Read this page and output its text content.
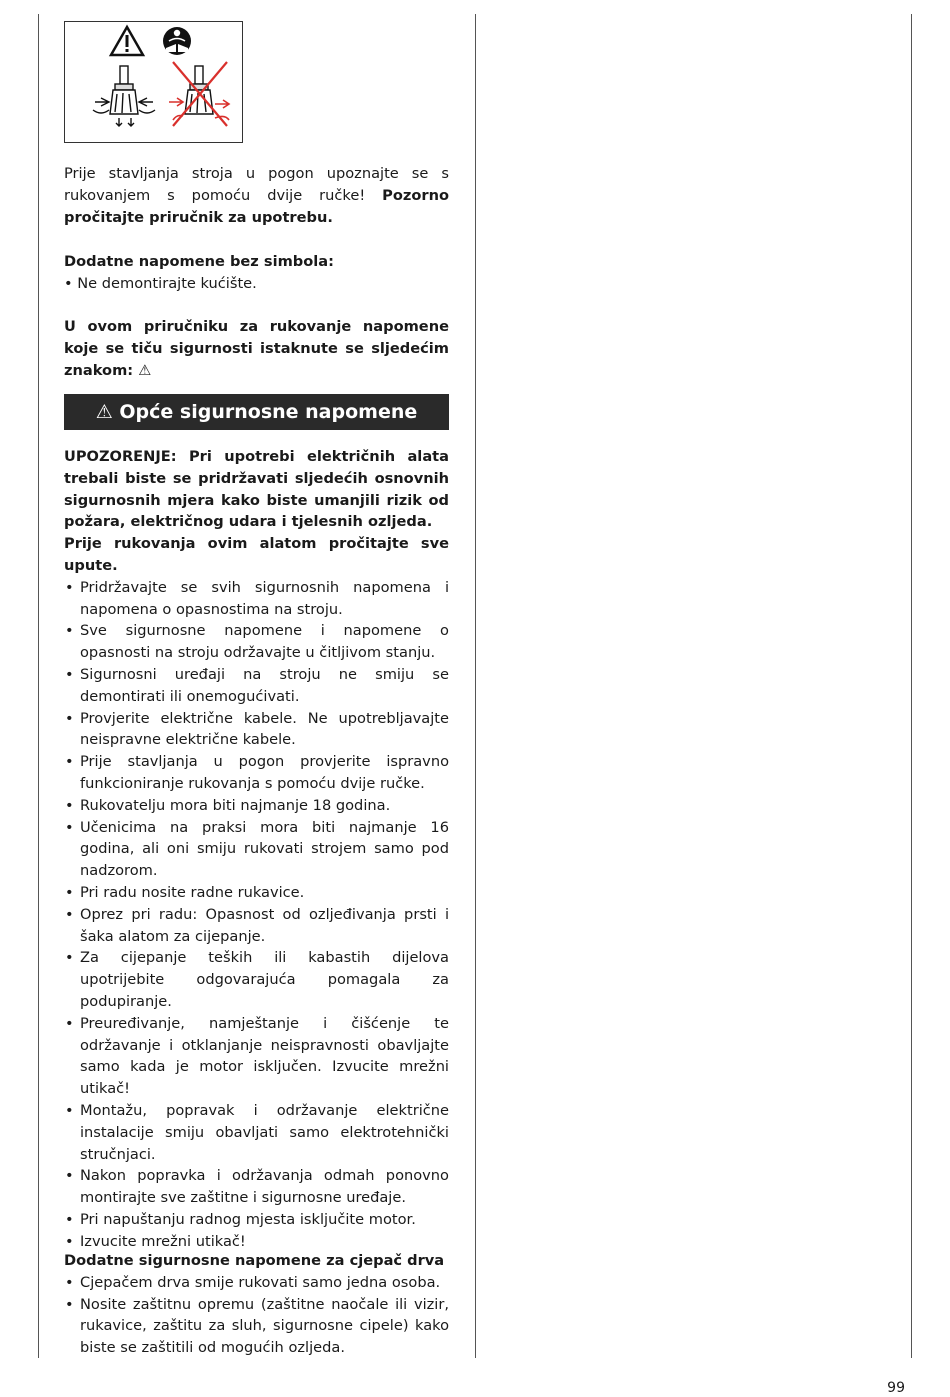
Prije stavljanja stroja u pogon upoznajte se s rukovanjem s pomoću dvije ručke! Pozorno pročitajte priručnik za upotrebu.
Dodatne napomene bez simbola:
• Ne demontirajte kućište.
U ovom priručniku za rukovanje napomene koje se tiču sigurnosti istaknute se sljedećim znakom: ⚠
⚠ Opće sigurnosne napomene
UPOZORENJE: Pri upotrebi električnih alata trebali biste se pridržavati sljedećih osnovnih sigurnosnih mjera kako biste umanjili rizik od požara, električnog udara i tjelesnih ozljeda.
Prije rukovanja ovim alatom pročitajte sve upute.
• Pridržavajte se svih sigurnosnih napomena i napomena o opasnostima na stroju.
• Sve sigurnosne napomene i napomene o opasnosti na stroju održavajte u čitljivom stanju.
• Sigurnosni uređaji na stroju ne smiju se demontirati ili onemogućivati.
• Provjerite električne kabele. Ne upotrebljavajte neispravne električne kabele.
• Prije stavljanja u pogon provjerite ispravno funkcioniranje rukovanja s pomoću dvije ručke.
• Rukovatelju mora biti najmanje 18 godina.
• Učenicima na praksi mora biti najmanje 16 godina, ali oni smiju rukovati strojem samo pod nadzorom.
• Pri radu nosite radne rukavice.
• Oprez pri radu: Opasnost od ozljeđivanja prsti i šaka alatom za cijepanje.
• Za cijepanje teških ili kabastih dijelova upotrijebite odgovarajuća pomagala za podupiranje.
• Preuređivanje, namještanje i čišćenje te održavanje i otklanjanje neispravnosti obavljajte samo kada je motor isključen. Izvucite mrežni utikač!
• Montažu, popravak i održavanje električne instalacije smiju obavljati samo elektrotehnički stručnjaci.
• Nakon popravka i održavanja odmah ponovno montirajte sve zaštitne i sigurnosne uređaje.
• Pri napuštanju radnog mjesta isključite motor.
• Izvucite mrežni utikač!
Dodatne sigurnosne napomene za cjepač drva
• Cjepačem drva smije rukovati samo jedna osoba.
• Nosite zaštitnu opremu (zaštitne naočale ili vizir, rukavice, zaštitu za sluh, sigurnosne cipele) kako biste se zaštitili od mogućih ozljeda.
99
